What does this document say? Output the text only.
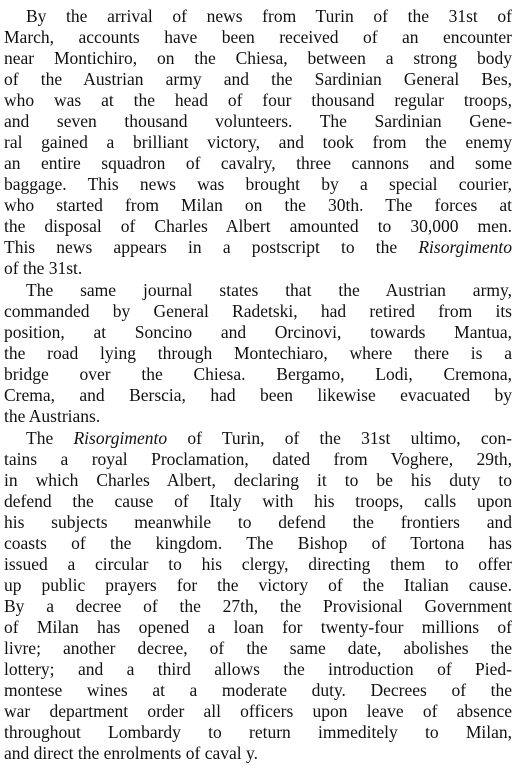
By the arrival of news from Turin of the 31st of
March, accounts have been received of an encounter
near Montichiro, on the Chiesa, between a strong body
of the Austrian army and the Sardinian General Bes,
who was at the head of four thousand regular troops,
and seven thousand volunteers. The Sardinian Gene-
ral gained a brilliant victory, and took from the enemy
an entire squadron of cavalry, three cannons and some
baggage. This news was brought by a special courier,
who started from Milan on the 30th. The forces at
the disposal of Charles Albert amounted to 30,000 men.
This news appears in a postscript to the Risorgimento
of the 31st.
The same journal states that the Austrian army,
commanded by General Radetski, had retired from its
position, at Soncino and Orcinovi, towards Mantua,
the road lying through Montechiaro, where there is a
bridge over the Chiesa. Bergamo, Lodi, Cremona,
Crema, and Berscia, had been likewise evacuated by
the Austrians.
The Risorgimento of Turin, of the 31st ultimo, con-
tains a royal Proclamation, dated from Voghere, 29th,
in which Charles Albert, declaring it to be his duty to
defend the cause of Italy with his troops, calls upon
his subjects meanwhile to defend the frontiers and
coasts of the kingdom. The Bishop of Tortona has
issued a circular to his clergy, directing them to offer
up public prayers for the victory of the Italian cause.
By a decree of the 27th, the Provisional Government
of Milan has opened a loan for twenty-four millions of
livre; another decree, of the same date, abolishes the
lottery; and a third allows the introduction of Pied-
montese wines at a moderate duty. Decrees of the
war department order all officers upon leave of absence
throughout Lombardy to return immeditely to Milan,
and direct the enrolments of caval y.
